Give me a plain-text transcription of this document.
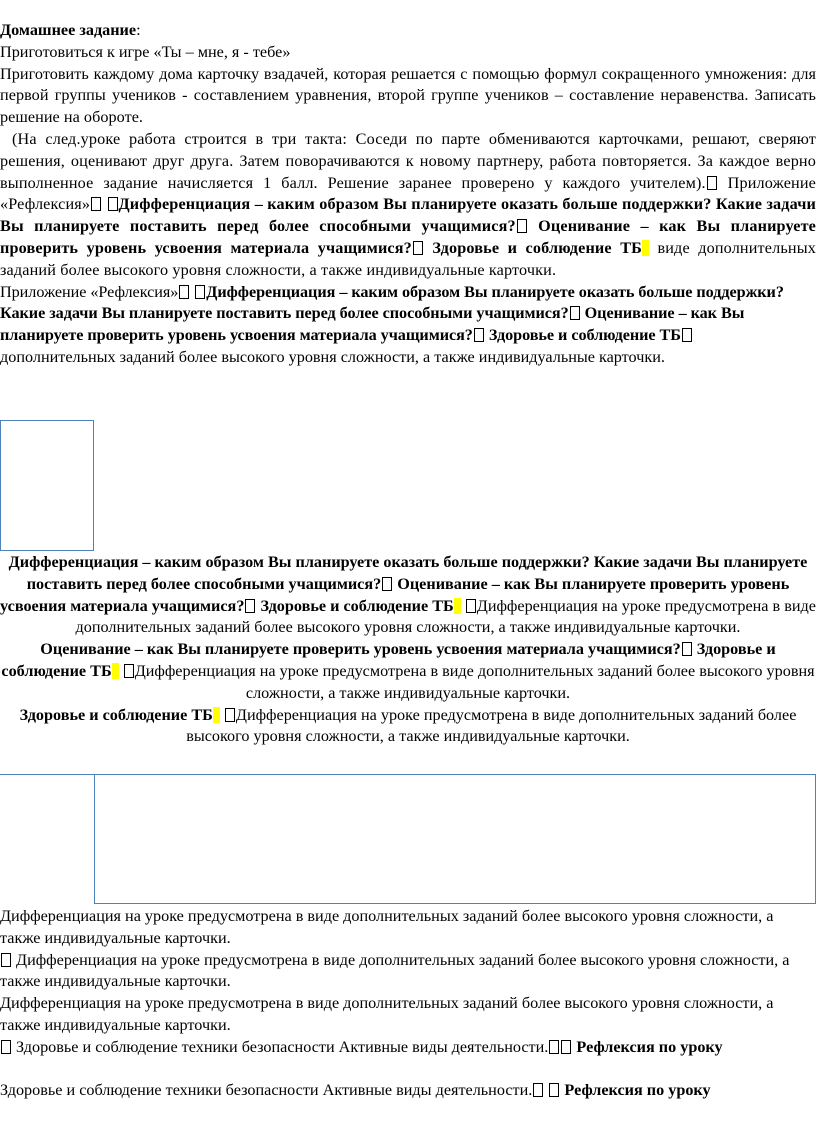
Домашнее задание:

Приготовиться к игре «Ты – мне, я - тебе»

Приготовить каждому дома карточку взадачей, которая решается с помощью формул сокращенного умножения: для первой группы учеников - составлением уравнения, второй группе учеников – составление неравенства. Записать решение на обороте.

(На след.уроке работа строится в три такта: Соседи по парте обмениваются карточками, решают, сверяют решения, оценивают друг друга. Затем поворачиваются к новому партнеру, работа повторяется. За каждое верно выполненное задание начисляется 1 балл. Решение заранее проверено у каждого учителем). Приложение «Рефлексия» Дифференциация – каким образом Вы планируете оказать больше поддержки? Какие задачи Вы планируете поставить перед более способными учащимися? Оценивание – как Вы планируете проверить уровень усвоения материала учащимися? Здоровье и соблюдение ТБ виде дополнительных заданий более высокого уровня сложности, а также индивидуальные карточки.

Приложение «Рефлексия» Дифференциация – каким образом Вы планируете оказать больше поддержки? Какие задачи Вы планируете поставить перед более способными учащимися? Оценивание – как Вы планируете проверить уровень усвоения материала учащимися? Здоровье и соблюдение ТБ

дополнительных заданий более высокого уровня сложности, а также индивидуальные карточки.

Дифференциация – каким образом Вы планируете оказать больше поддержки? Какие задачи Вы планируете поставить перед более способными учащимися? Оценивание – как Вы планируете проверить уровень усвоения материала учащимися? Здоровье и соблюдение ТБ Дифференциация на уроке предусмотрена в виде дополнительных заданий более высокого уровня сложности, а также индивидуальные карточки.

Оценивание – как Вы планируете проверить уровень усвоения материала учащимися? Здоровье и соблюдение ТБ Дифференциация на уроке предусмотрена в виде дополнительных заданий более высокого уровня сложности, а также индивидуальные карточки.

Здоровье и соблюдение ТБ Дифференциация на уроке предусмотрена в виде дополнительных заданий более высокого уровня сложности, а также индивидуальные карточки.

Дифференциация на уроке предусмотрена в виде дополнительных заданий более высокого уровня сложности, а также индивидуальные карточки.

Дифференциация на уроке предусмотрена в виде дополнительных заданий более высокого уровня сложности, а также индивидуальные карточки.

Дифференциация на уроке предусмотрена в виде дополнительных заданий более высокого уровня сложности, а также индивидуальные карточки.

Здоровье и соблюдение техники безопасности Активные виды деятельности. Рефлексия по уроку

Здоровье и соблюдение техники безопасности Активные виды деятельности. Рефлексия по уроку
